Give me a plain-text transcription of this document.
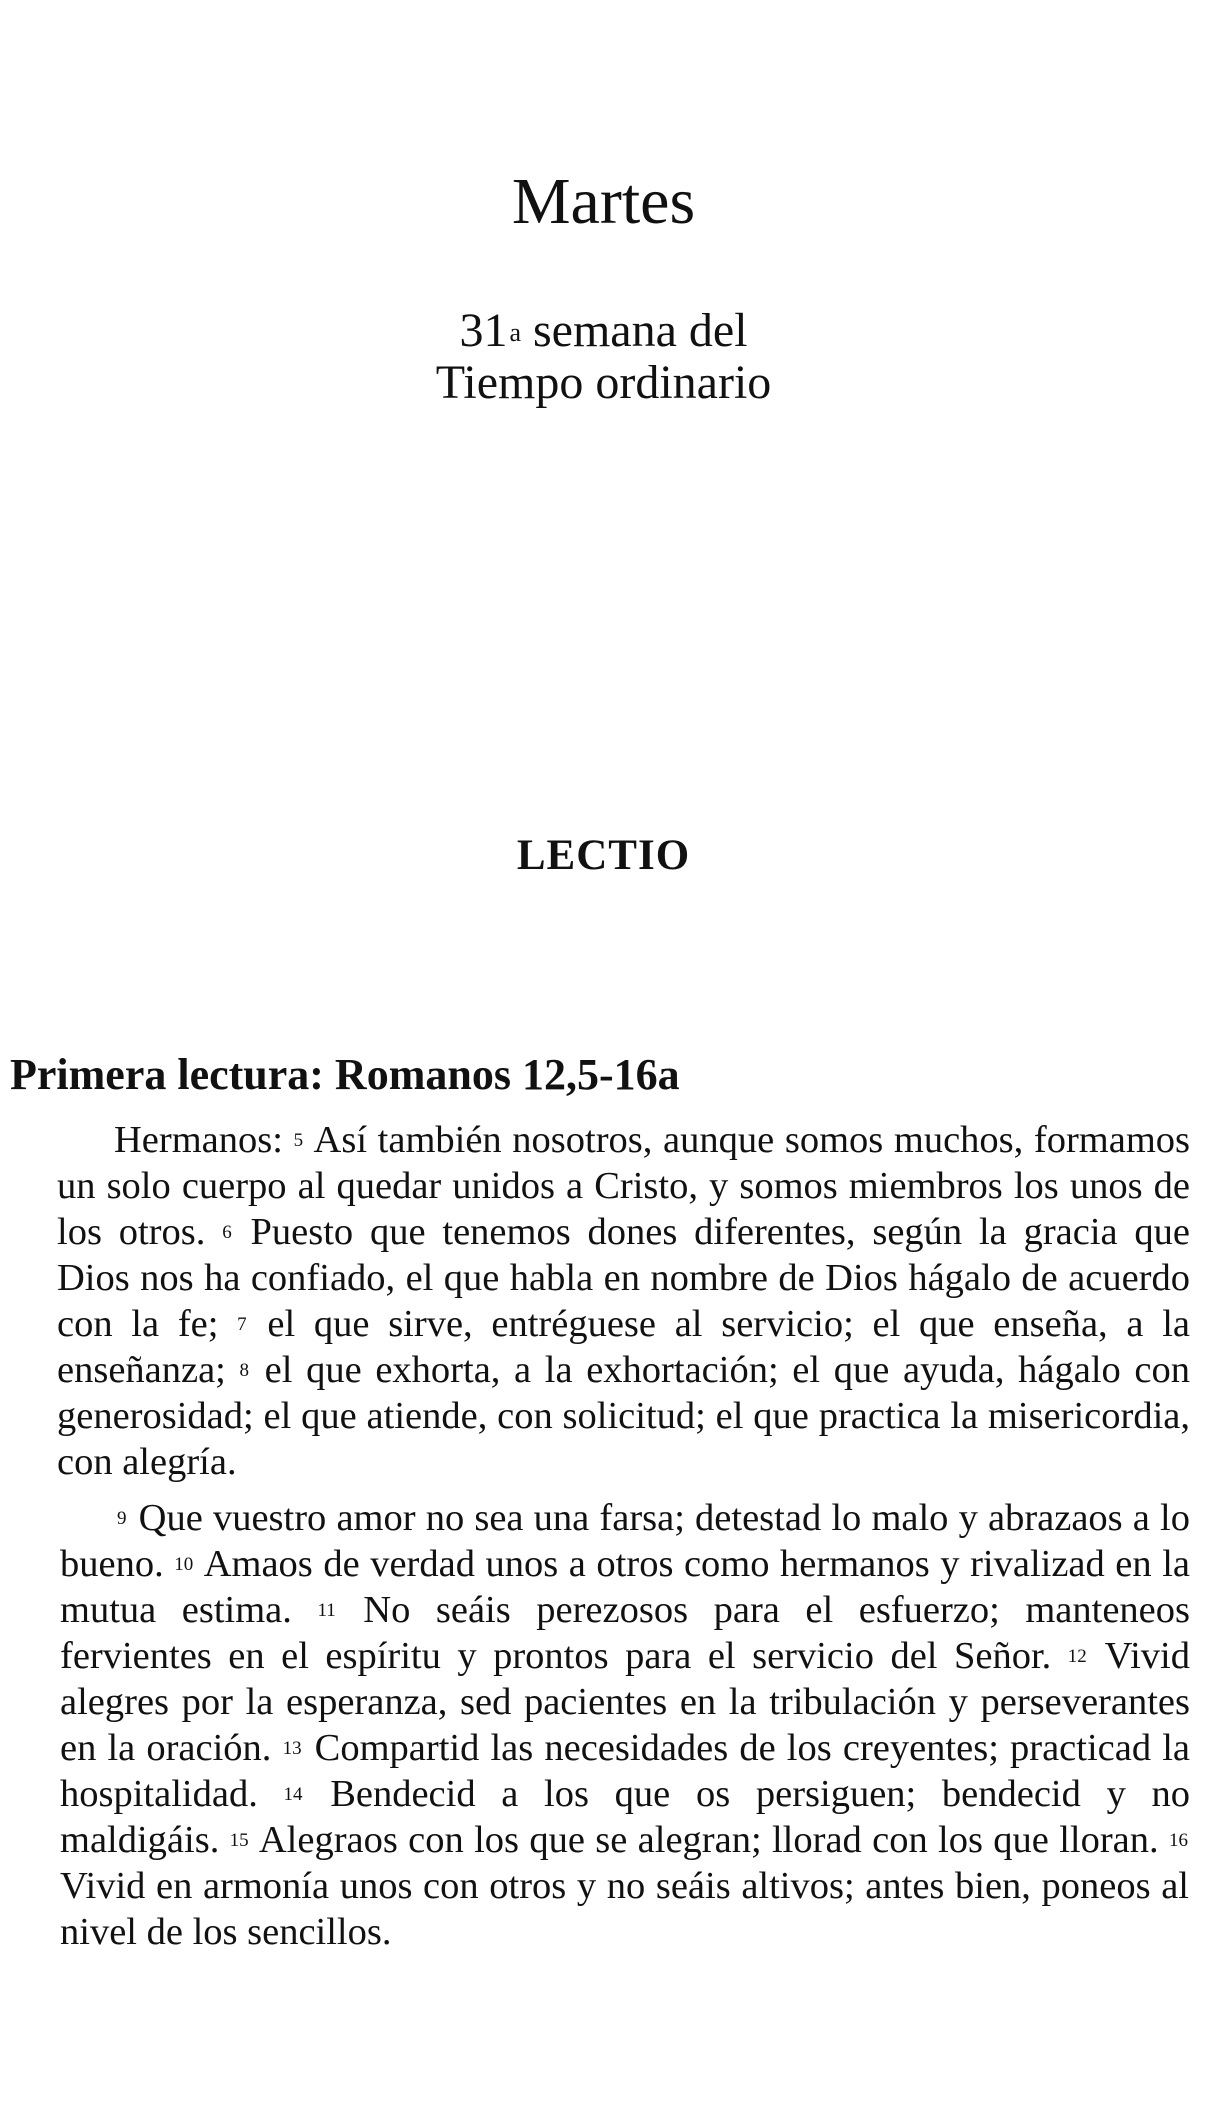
Martes
31$^a$ semana del
Tiempo ordinario
LECTIO
Primera lectura: Romanos 12,5-16a

Hermanos: $^5$ Así también nosotros, aunque somos muchos, formamos un solo cuerpo al quedar unidos a Cristo, y somos miembros los unos de los otros. $^6$ Puesto que tenemos dones diferentes, según la gracia que Dios nos ha confiado, el que habla en nombre de Dios hágalo de acuerdo con la fe; $^7$ el que sirve, entréguese al servicio; el que enseña, a la enseñanza; $^8$ el que exhorta, a la exhortación; el que ayuda, hágalo con generosidad; el que atiende, con solicitud; el que practica la misericordia, con alegría.

$^9$ Que vuestro amor no sea una farsa; detestad lo malo y abrazaos a lo bueno. $^{10}$ Amaos de verdad unos a otros como hermanos y rivalizad en la mutua estima. $^{11}$ No seáis perezosos para el esfuerzo; manteneos fervientes en el espíritu y prontos para el servicio del Señor. $^{12}$ Vivid alegres por la esperanza, sed pacientes en la tribulación y perseverantes en la oración. $^{13}$ Compartid las necesidades de los creyentes; practicad la hospitalidad. $^{14}$ Bendecid a los que os persiguen; bendecid y no maldigáis. $^{15}$ Alegraos con los que se alegran; llorad con los que lloran. $^{16}$ Vivid en armonía unos con otros y no seáis altivos; antes bien, poneos al nivel de los sencillos.
